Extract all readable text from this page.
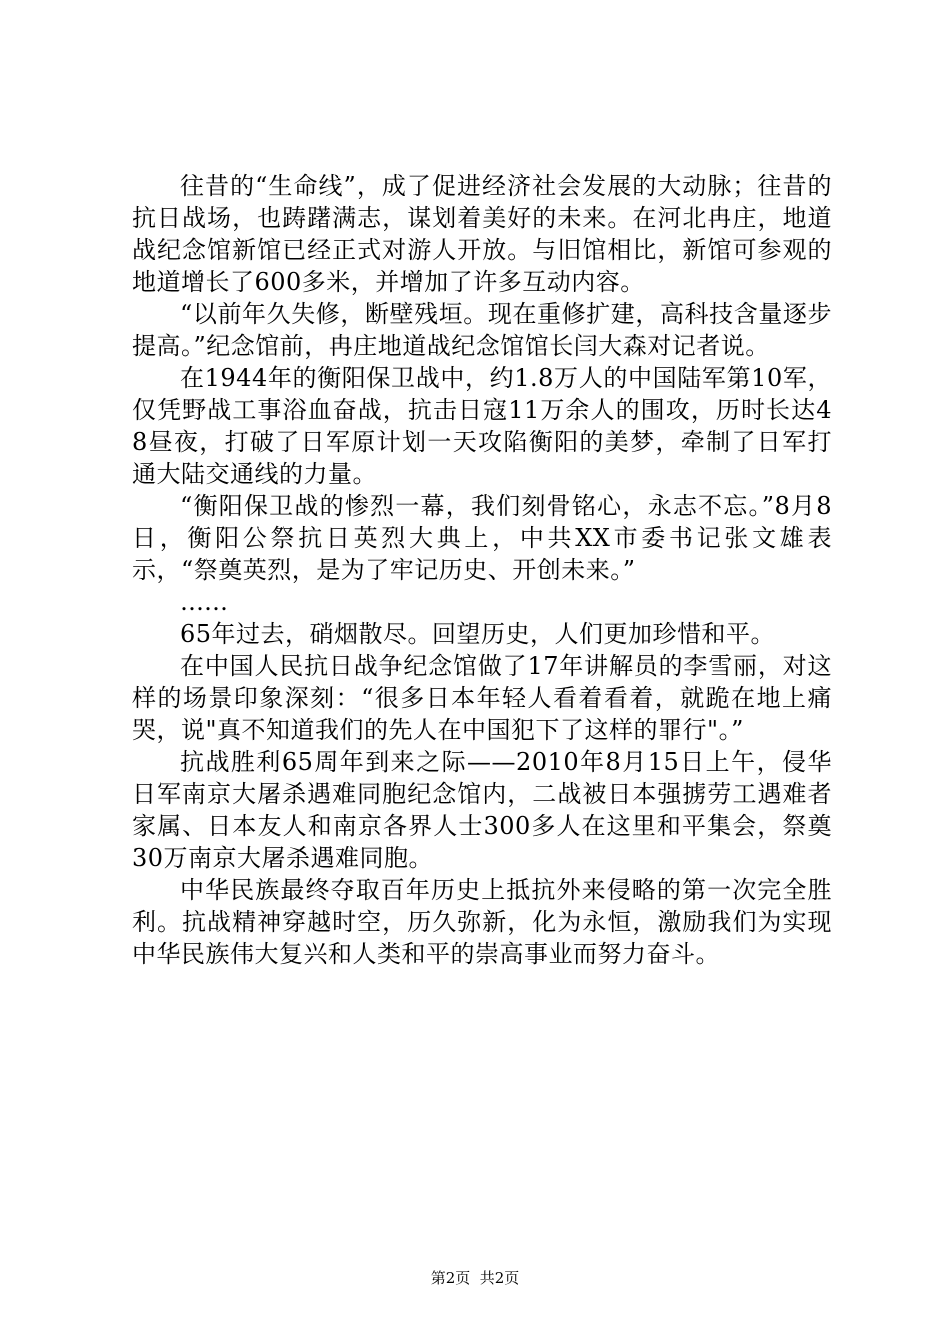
往昔的“生命线”，成了促进经济社会发展的大动脉；往昔的抗日战场，也踌躇满志，谋划着美好的未来。在河北冉庄，地道战纪念馆新馆已经正式对游人开放。与旧馆相比，新馆可参观的地道增长了600多米，并增加了许多互动内容。

“以前年久失修，断壁残垣。现在重修扩建，高科技含量逐步提高。”纪念馆前，冉庄地道战纪念馆馆长闫大森对记者说。

在1944年的衡阳保卫战中，约1.8万人的中国陆军第10军，仅凭野战工事浴血奋战，抗击日寇11万余人的围攻，历时长达48昼夜，打破了日军原计划一天攻陷衡阳的美梦，牵制了日军打通大陆交通线的力量。

“衡阳保卫战的惨烈一幕，我们刻骨铭心，永志不忘。”8月8日，衡阳公祭抗日英烈大典上，中共XX市委书记张文雄表示，“祭奠英烈，是为了牢记历史、开创未来。”

……

65年过去，硝烟散尽。回望历史，人们更加珍惜和平。

在中国人民抗日战争纪念馆做了17年讲解员的李雪丽，对这样的场景印象深刻：“很多日本年轻人看着看着，就跪在地上痛哭，说"真不知道我们的先人在中国犯下了这样的罪行"。”

抗战胜利65周年到来之际——2010年8月15日上午，侵华日军南京大屠杀遇难同胞纪念馆内，二战被日本强掳劳工遇难者家属、日本友人和南京各界人士300多人在这里和平集会，祭奠30万南京大屠杀遇难同胞。

中华民族最终夺取百年历史上抵抗外来侵略的第一次完全胜利。抗战精神穿越时空，历久弥新，化为永恒，激励我们为实现中华民族伟大复兴和人类和平的崇高事业而努力奋斗。

第2页  共2页
